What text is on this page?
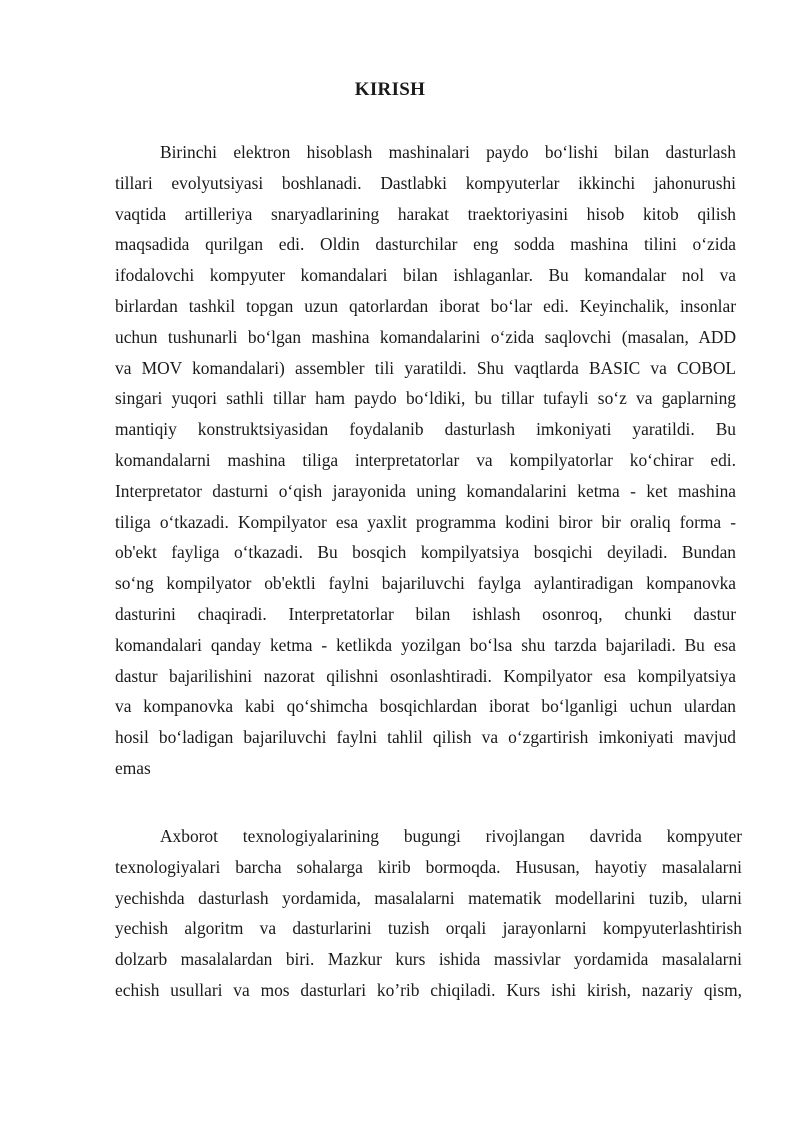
KIRISH
Birinchi elektron hisoblash mashinalari paydo bo‘lishi bilan dasturlash
tillari evolyutsiyasi boshlanadi. Dastlabki kompyuterlar ikkinchi jahonurushi
vaqtida artilleriya snaryadlarining harakat traektoriyasini hisob kitob qilish
maqsadida qurilgan edi. Oldin dasturchilar eng sodda mashina tilini o‘zida
ifodalovchi kompyuter komandalari bilan ishlaganlar. Bu komandalar nol va
birlardan tashkil topgan uzun qatorlardan iborat bo‘lar edi. Keyinchalik, insonlar
uchun tushunarli bo‘lgan mashina komandalarini o‘zida saqlovchi (masalan, ADD
va MOV komandalari) assembler tili yaratildi. Shu vaqtlarda BASIC va COBOL
singari yuqori sathli tillar ham paydo bo‘ldiki, bu tillar tufayli so‘z va gaplarning
mantiqiy konstruktsiyasidan foydalanib dasturlash imkoniyati yaratildi. Bu
komandalarni mashina tiliga interpretatorlar va kompilyatorlar ko‘chirar edi.
Interpretator dasturni o‘qish jarayonida uning komandalarini ketma - ket mashina
tiliga o‘tkazadi. Kompilyator esa yaxlit programma kodini biror bir oraliq forma -
ob'ekt fayliga o‘tkazadi. Bu bosqich kompilyatsiya bosqichi deyiladi. Bundan
so‘ng kompilyator ob'ektli faylni bajariluvchi faylga aylantiradigan kompanovka
dasturini chaqiradi. Interpretatorlar bilan ishlash osonroq, chunki dastur
komandalari qanday ketma - ketlikda yozilgan bo‘lsa shu tarzda bajariladi. Bu esa
dastur bajarilishini nazorat qilishni osonlashtiradi. Kompilyator esa kompilyatsiya
va kompanovka kabi qo‘shimcha bosqichlardan iborat bo‘lganligi uchun ulardan
hosil bo‘ladigan bajariluvchi faylni tahlil qilish va o‘zgartirish imkoniyati mavjud
emas
Axborot texnologiyalarining bugungi rivojlangan davrida kompyuter
texnologiyalari barcha sohalarga kirib bormoqda. Hususan, hayotiy masalalarni
yechishda dasturlash yordamida, masalalarni matematik modellarini tuzib, ularni
yechish algoritm va dasturlarini tuzish orqali jarayonlarni kompyuterlashtirish
dolzarb masalalardan biri. Mazkur kurs ishida massivlar yordamida masalalarni
echish usullari va mos dasturlari ko’rib chiqiladi. Kurs ishi kirish, nazariy qism,
